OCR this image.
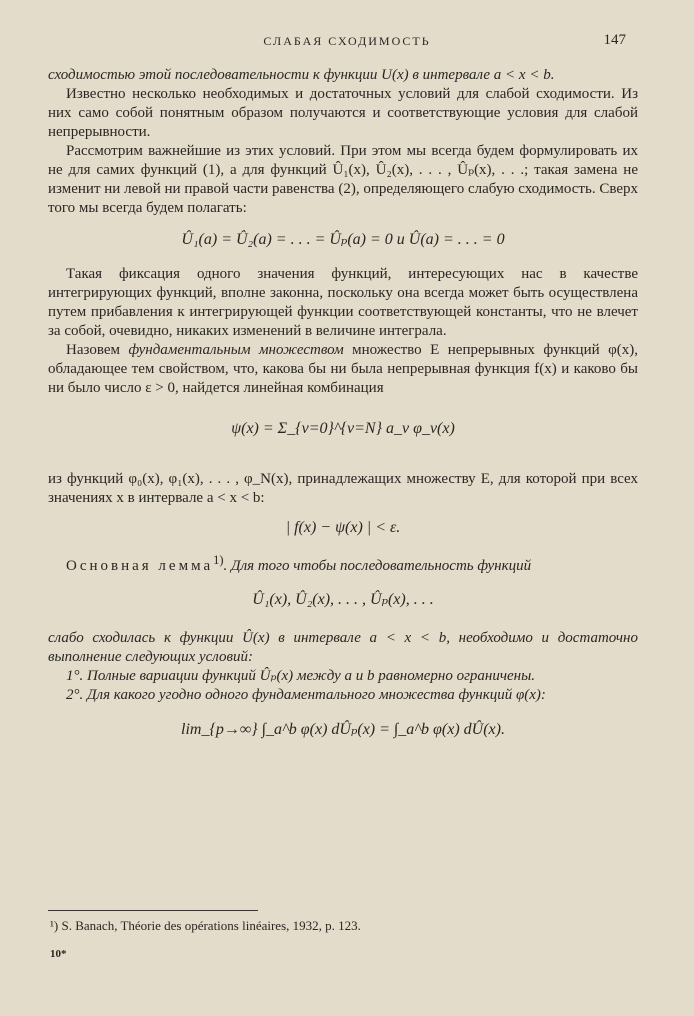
СЛАБАЯ СХОДИМОСТЬ	147

сходимостью этой последовательности к функции U(x) в интервале a < x < b.

Известно несколько необходимых и достаточных условий для слабой сходимости. Из них само собой понятным образом получаются и соответствующие условия для слабой непрерывности.

Рассмотрим важнейшие из этих условий. При этом мы всегда будем формулировать их не для самих функций (1), а для функций Û₁(x), Û₂(x), . . . , Ûₚ(x), . . .; такая замена не изменит ни левой ни правой части равенства (2), определяющего слабую сходимость. Сверх того мы всегда будем полагать:

Û₁(a) = Û₂(a) = . . . = Ûₚ(a) = 0 и Û(a) = . . . = 0

Такая фиксация одного значения функций, интересующих нас в качестве интегрирующих функций, вполне законна, поскольку она всегда может быть осуществлена путем прибавления к интегрирующей функции соответствующей константы, что не влечет за собой, очевидно, никаких изменений в величине интеграла.

Назовем фундаментальным множеством множество E непрерывных функций φ(x), обладающее тем свойством, что, какова бы ни была непрерывная функция f(x) и каково бы ни было число ε > 0, найдется линейная комбинация

ψ(x) = Σ_{ν=0}^{ν=N} a_ν φ_ν(x)

из функций φ₀(x), φ₁(x), . . . , φ_N(x), принадлежащих множеству E, для которой при всех значениях x в интервале a < x < b:

| f(x) − ψ(x) | < ε.

Основная лемма$^{1)}$. Для того чтобы последовательность функций

Û₁(x), Û₂(x), . . . , Ûₚ(x), . . .

слабо сходилась к функции Û(x) в интервале a < x < b, необходимо и достаточно выполнение следующих условий:

1°. Полные вариации функций Ûₚ(x) между a и b равномерно ограничены.

2°. Для какого угодно одного фундаментального множества функций φ(x):

lim_{p→∞} ∫_a^b φ(x) dÛₚ(x) = ∫_a^b φ(x) dÛ(x).
¹) S. Banach, Théorie des opérations linéaires, 1932, p. 123.
10*
